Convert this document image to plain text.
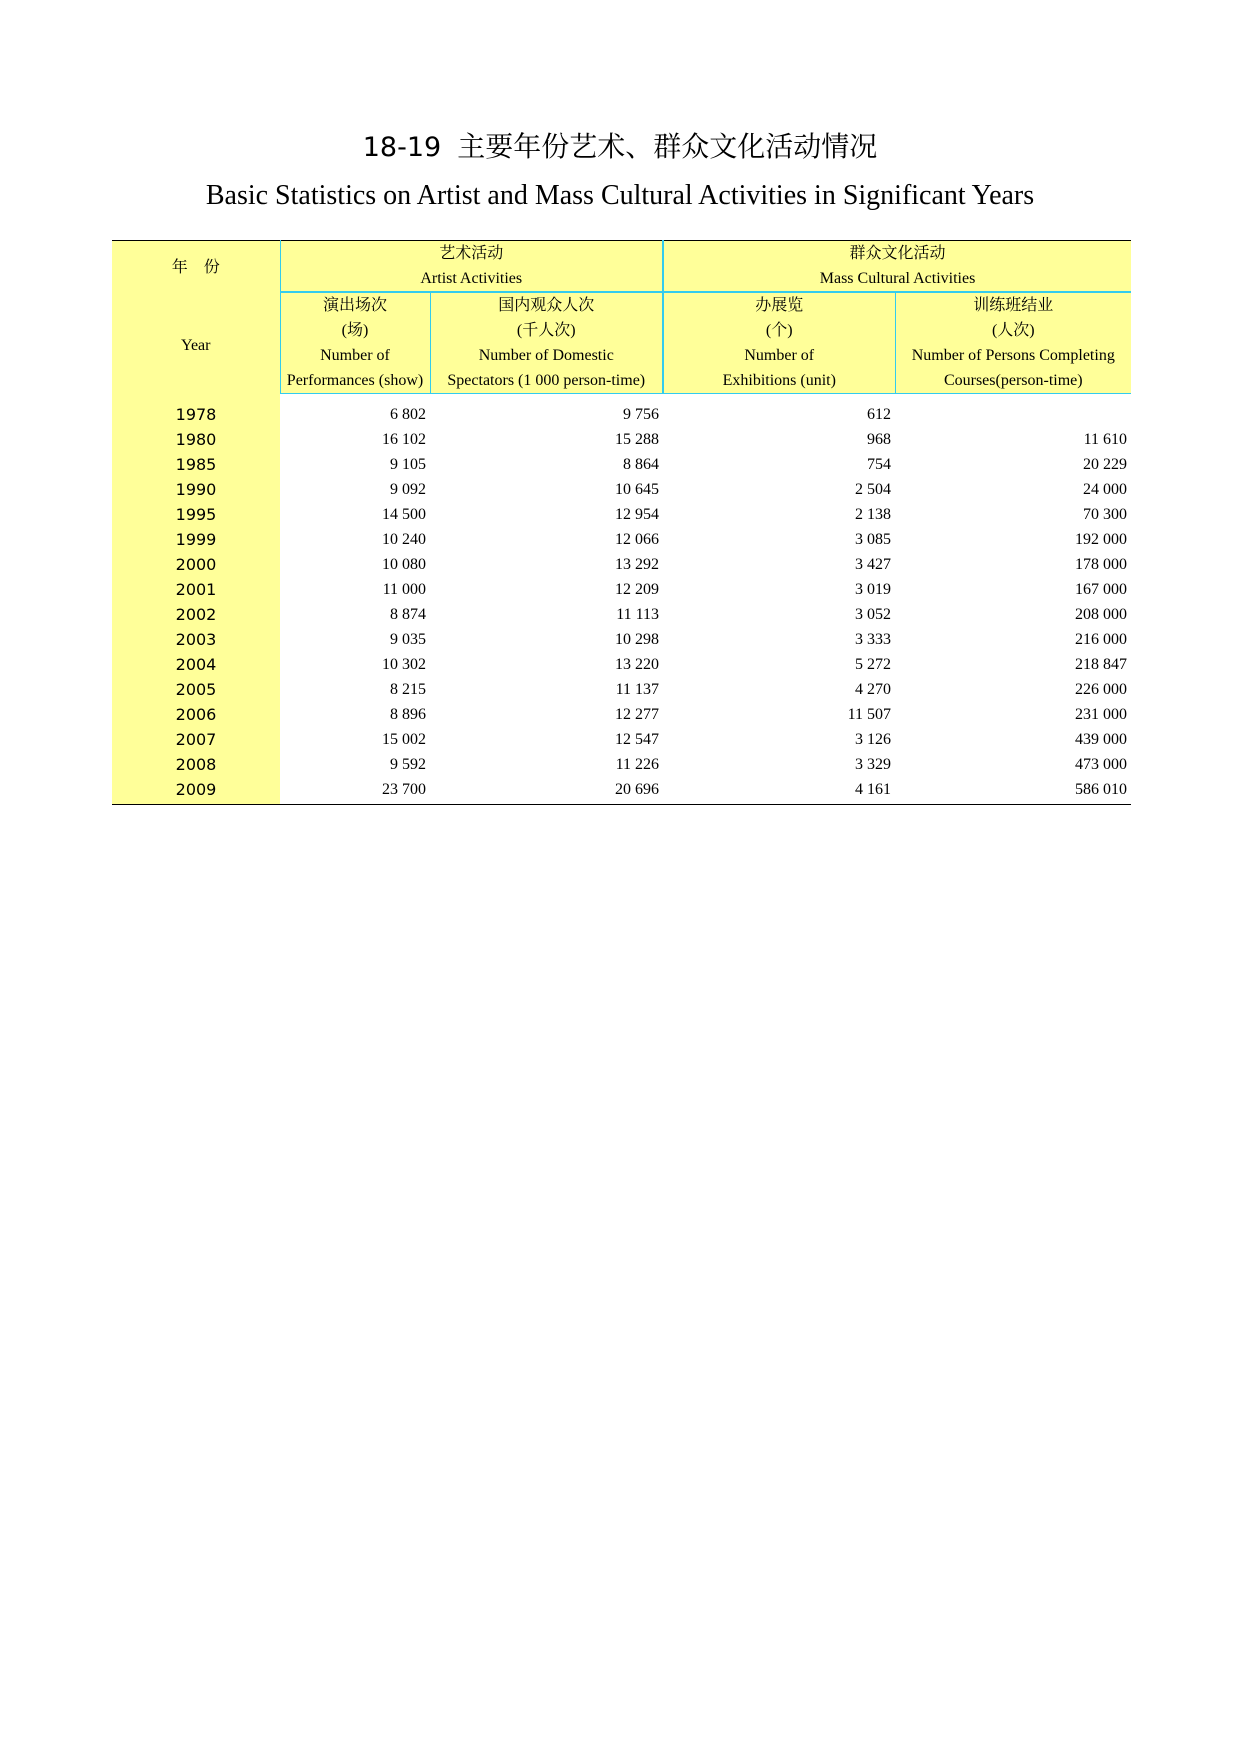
18-19 主要年份艺术、群众文化活动情况
Basic Statistics on Artist and Mass Cultural Activities in Significant Years
年　份
Year	艺术活动		群众文化活动	
	Artist Activities		Mass Cultural Activities	
	演出场次	国内观众人次	办展览	训练班结业
	(场)	(千人次)	(个)	(人次)
	Number of	Number of Domestic	Number of	Number of Persons Completing
	Performances (show)	Spectators (1 000 person-time)	Exhibitions (unit)	Courses(person-time)

1978	6 802	9 756	612	
1980	16 102	15 288	968	11 610
1985	9 105	8 864	754	20 229
1990	9 092	10 645	2 504	24 000
1995	14 500	12 954	2 138	70 300
1999	10 240	12 066	3 085	192 000
2000	10 080	13 292	3 427	178 000
2001	11 000	12 209	3 019	167 000
2002	8 874	11 113	3 052	208 000
2003	9 035	10 298	3 333	216 000
2004	10 302	13 220	5 272	218 847
2005	8 215	11 137	4 270	226 000
2006	8 896	12 277	11 507	231 000
2007	15 002	12 547	3 126	439 000
2008	9 592	11 226	3 329	473 000
2009	23 700	20 696	4 161	586 010
